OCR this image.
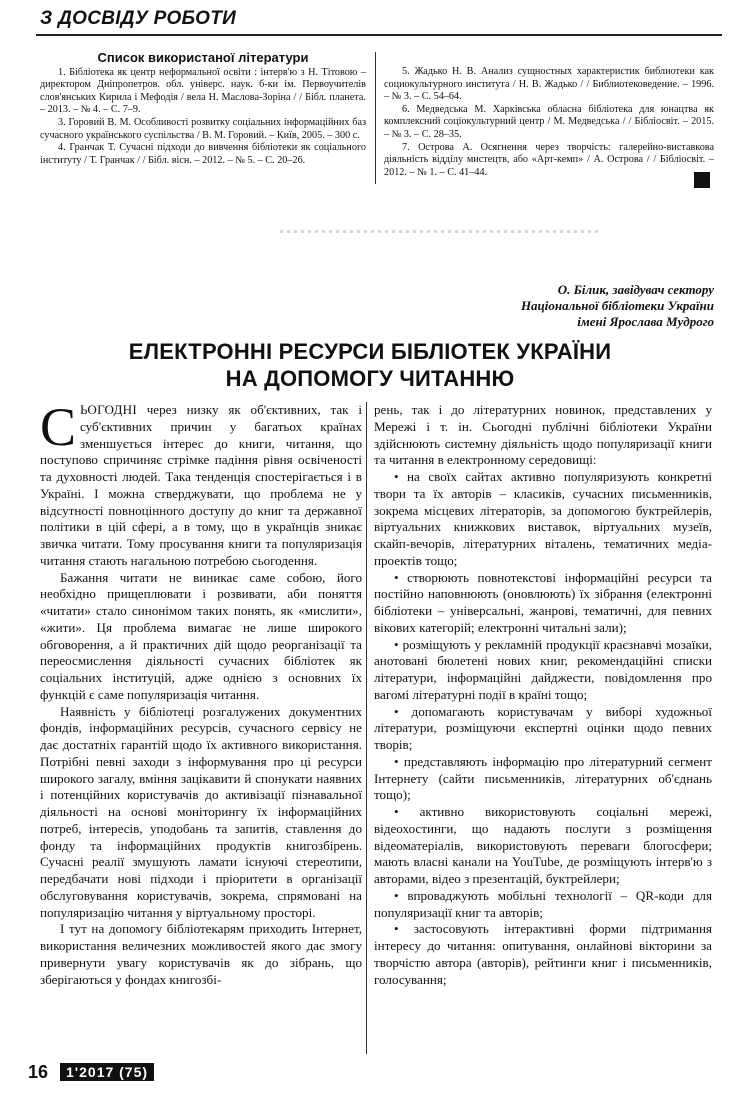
З ДОСВІДУ РОБОТИ
Список використаної літератури

1. Бібліотека як центр неформальної освіти : інтерв'ю з Н. Тітовою – директором Дніпропетров. обл. універс. наук. б-ки ім. Первоучителів слов'янських Кирила і Мефодія / вела Н. Маслова-Зоріна / / Бібл. планета. – 2013. – № 4. – С. 7–9.

3. Горовий В. М. Особливості розвитку соціальних інформаційних баз сучасного українського суспільства / В. М. Горовий. – Київ, 2005. – 300 с.

4. Гранчак Т. Сучасні підходи до вивчення бібліотеки як соціального інституту / Т. Гранчак / / Бібл. вісн. – 2012. – № 5. – С. 20–26.

5. Жадько Н. В. Анализ сущностных характеристик библиотеки как социокультурного института / Н. В. Жадько / / Библиотековедение. – 1996. – № 3. – С. 54–64.

6. Медведська М. Харківська обласна бібліотека для юнацтва як комплексний соціокультурний центр / М. Медведська / / Бібліосвіт. – 2015. – № 3. – С. 28–35.

7. Острова А. Осягнення через творчість: галерейно-виставкова діяльність відділу мистецтв, або «Арт-кемп» / А. Острова / / Бібліосвіт. – 2012. – № 1. – С. 41–44.

О. Білик, завідувач сектору
Національної бібліотеки України
імені Ярослава Мудрого
ЕЛЕКТРОННІ РЕСУРСИ БІБЛІОТЕК УКРАЇНИ
НА ДОПОМОГУ ЧИТАННЮ

СЬОГОДНІ через низку як об'єктивних, так і суб'єктивних причин у багатьох країнах зменшується інтерес до книги, читання, що поступово спричиняє стрімке падіння рівня освіченості та духовності людей. Така тенденція спостерігається і в Україні. І можна стверджувати, що проблема не у відсутності повноцінного доступу до книг та державної політики в цій сфері, а в тому, що в українців зникає звичка читати. Тому просування книги та популяризація читання стають нагальною потребою сьогодення.

Бажання читати не виникає саме собою, його необхідно прищеплювати і розвивати, аби поняття «читати» стало синонімом таких понять, як «мислити», «жити». Ця проблема вимагає не лише широкого обговорення, а й практичних дій щодо реорганізації та переосмислення діяльності сучасних бібліотек як соціальних інституцій, адже однією з основних їх функцій є саме популяризація читання.

Наявність у бібліотеці розгалужених документних фондів, інформаційних ресурсів, сучасного сервісу не дає достатніх гарантій щодо їх активного використання. Потрібні певні заходи з інформування про ці ресурси широкого загалу, вміння зацікавити й спонукати наявних і потенційних користувачів до активізації пізнавальної діяльності на основі моніторингу їх інформаційних потреб, інтересів, уподобань та запитів, ставлення до фонду та інформаційних продуктів книгозбірень. Сучасні реалії змушують ламати існуючі стереотипи, передбачати нові підходи і пріоритети в організації обслуговування користувачів, зокрема, спрямовані на популяризацію читання у віртуальному просторі.

І тут на допомогу бібліотекарям приходить Інтернет, використання величезних можливостей якого дає змогу привернути увагу користувачів як до зібрань, що зберігаються у фондах книгозбі-

рень, так і до літературних новинок, представлених у Мережі і т. ін. Сьогодні публічні бібліотеки України здійснюють системну діяльність щодо популяризації книги та читання в електронному середовищі:

• на своїх сайтах активно популяризують конкретні твори та їх авторів – класиків, сучасних письменників, зокрема місцевих літераторів, за допомогою буктрейлерів, віртуальних книжкових виставок, віртуальних музеїв, скайп-вечорів, літературних віталень, тематичних медіа-проектів тощо;

• створюють повнотекстові інформаційні ресурси та постійно наповнюють (оновлюють) їх зібрання (електронні бібліотеки – універсальні, жанрові, тематичні, для певних вікових категорій; електронні читальні зали);

• розміщують у рекламній продукції краєзнавчі мозаїки, анотовані бюлетені нових книг, рекомендаційні списки літератури, інформаційні дайджести, повідомлення про вагомі літературні події в країні тощо;

• допомагають користувачам у виборі художньої літератури, розміщуючи експертні оцінки щодо певних творів;

• представляють інформацію про літературний сегмент Інтернету (сайти письменників, літературних об'єднань тощо);

• активно використовують соціальні мережі, відеохостинги, що надають послуги з розміщення відеоматеріалів, використовують переваги блогосфери; мають власні канали на YouTube, де розміщують інтерв'ю з авторами, відео з презентацій, буктрейлери;

• впроваджують мобільні технології – QR-коди для популяризації книг та авторів;

• застосовують інтерактивні форми підтримання інтересу до читання: опитування, онлайнові вікторини за творчістю автора (авторів), рейтинги книг і письменників, голосування;

16	1'2017 (75)
